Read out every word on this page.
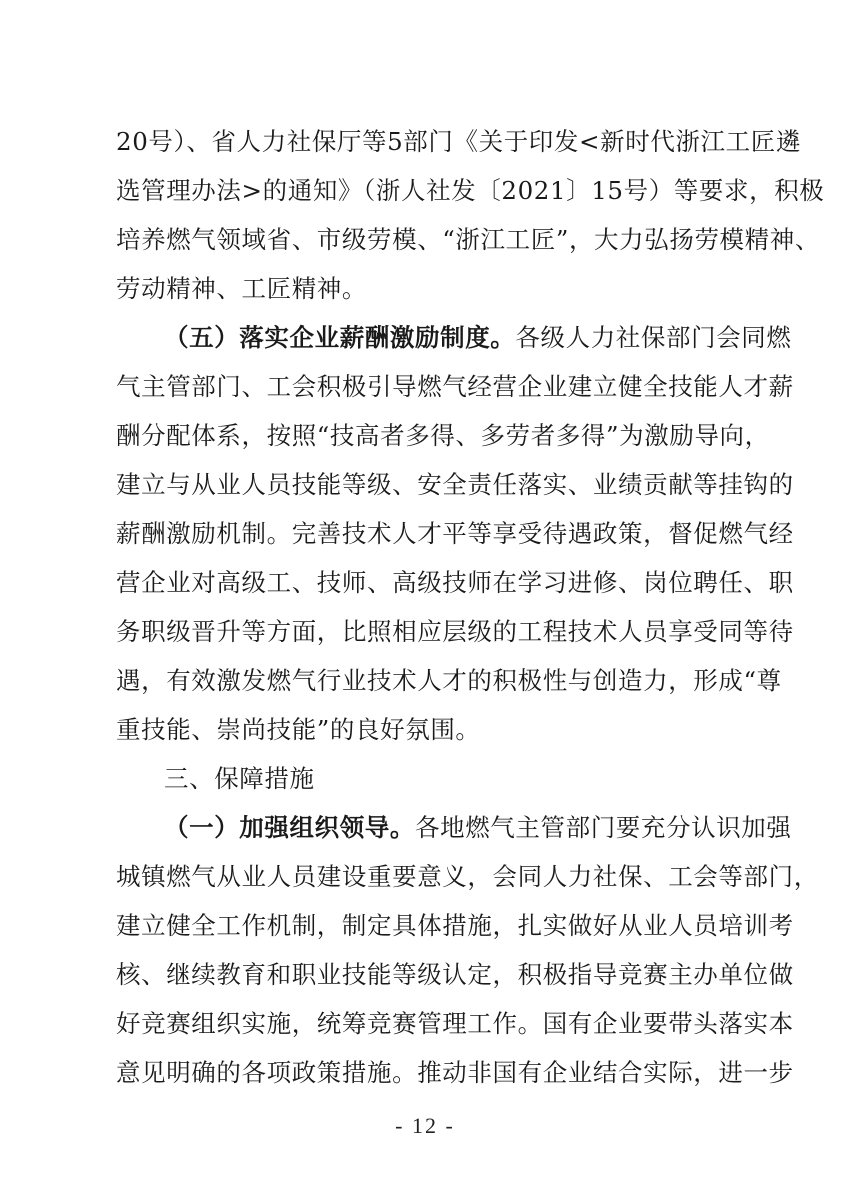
20号）、省人力社保厅等5部门《关于印发<新时代浙江工匠遴
选管理办法>的通知》（浙人社发〔2021〕15号）等要求，积极
培养燃气领域省、市级劳模、“浙江工匠”，大力弘扬劳模精神、
劳动精神、工匠精神。
（五）落实企业薪酬激励制度。各级人力社保部门会同燃
气主管部门、工会积极引导燃气经营企业建立健全技能人才薪
酬分配体系，按照“技高者多得、多劳者多得”为激励导向，
建立与从业人员技能等级、安全责任落实、业绩贡献等挂钩的
薪酬激励机制。完善技术人才平等享受待遇政策，督促燃气经
营企业对高级工、技师、高级技师在学习进修、岗位聘任、职
务职级晋升等方面，比照相应层级的工程技术人员享受同等待
遇，有效激发燃气行业技术人才的积极性与创造力，形成“尊
重技能、崇尚技能”的良好氛围。
三、保障措施
（一）加强组织领导。各地燃气主管部门要充分认识加强
城镇燃气从业人员建设重要意义，会同人力社保、工会等部门，
建立健全工作机制，制定具体措施，扎实做好从业人员培训考
核、继续教育和职业技能等级认定，积极指导竞赛主办单位做
好竞赛组织实施，统筹竞赛管理工作。国有企业要带头落实本
意见明确的各项政策措施。推动非国有企业结合实际，进一步
- 12 -
